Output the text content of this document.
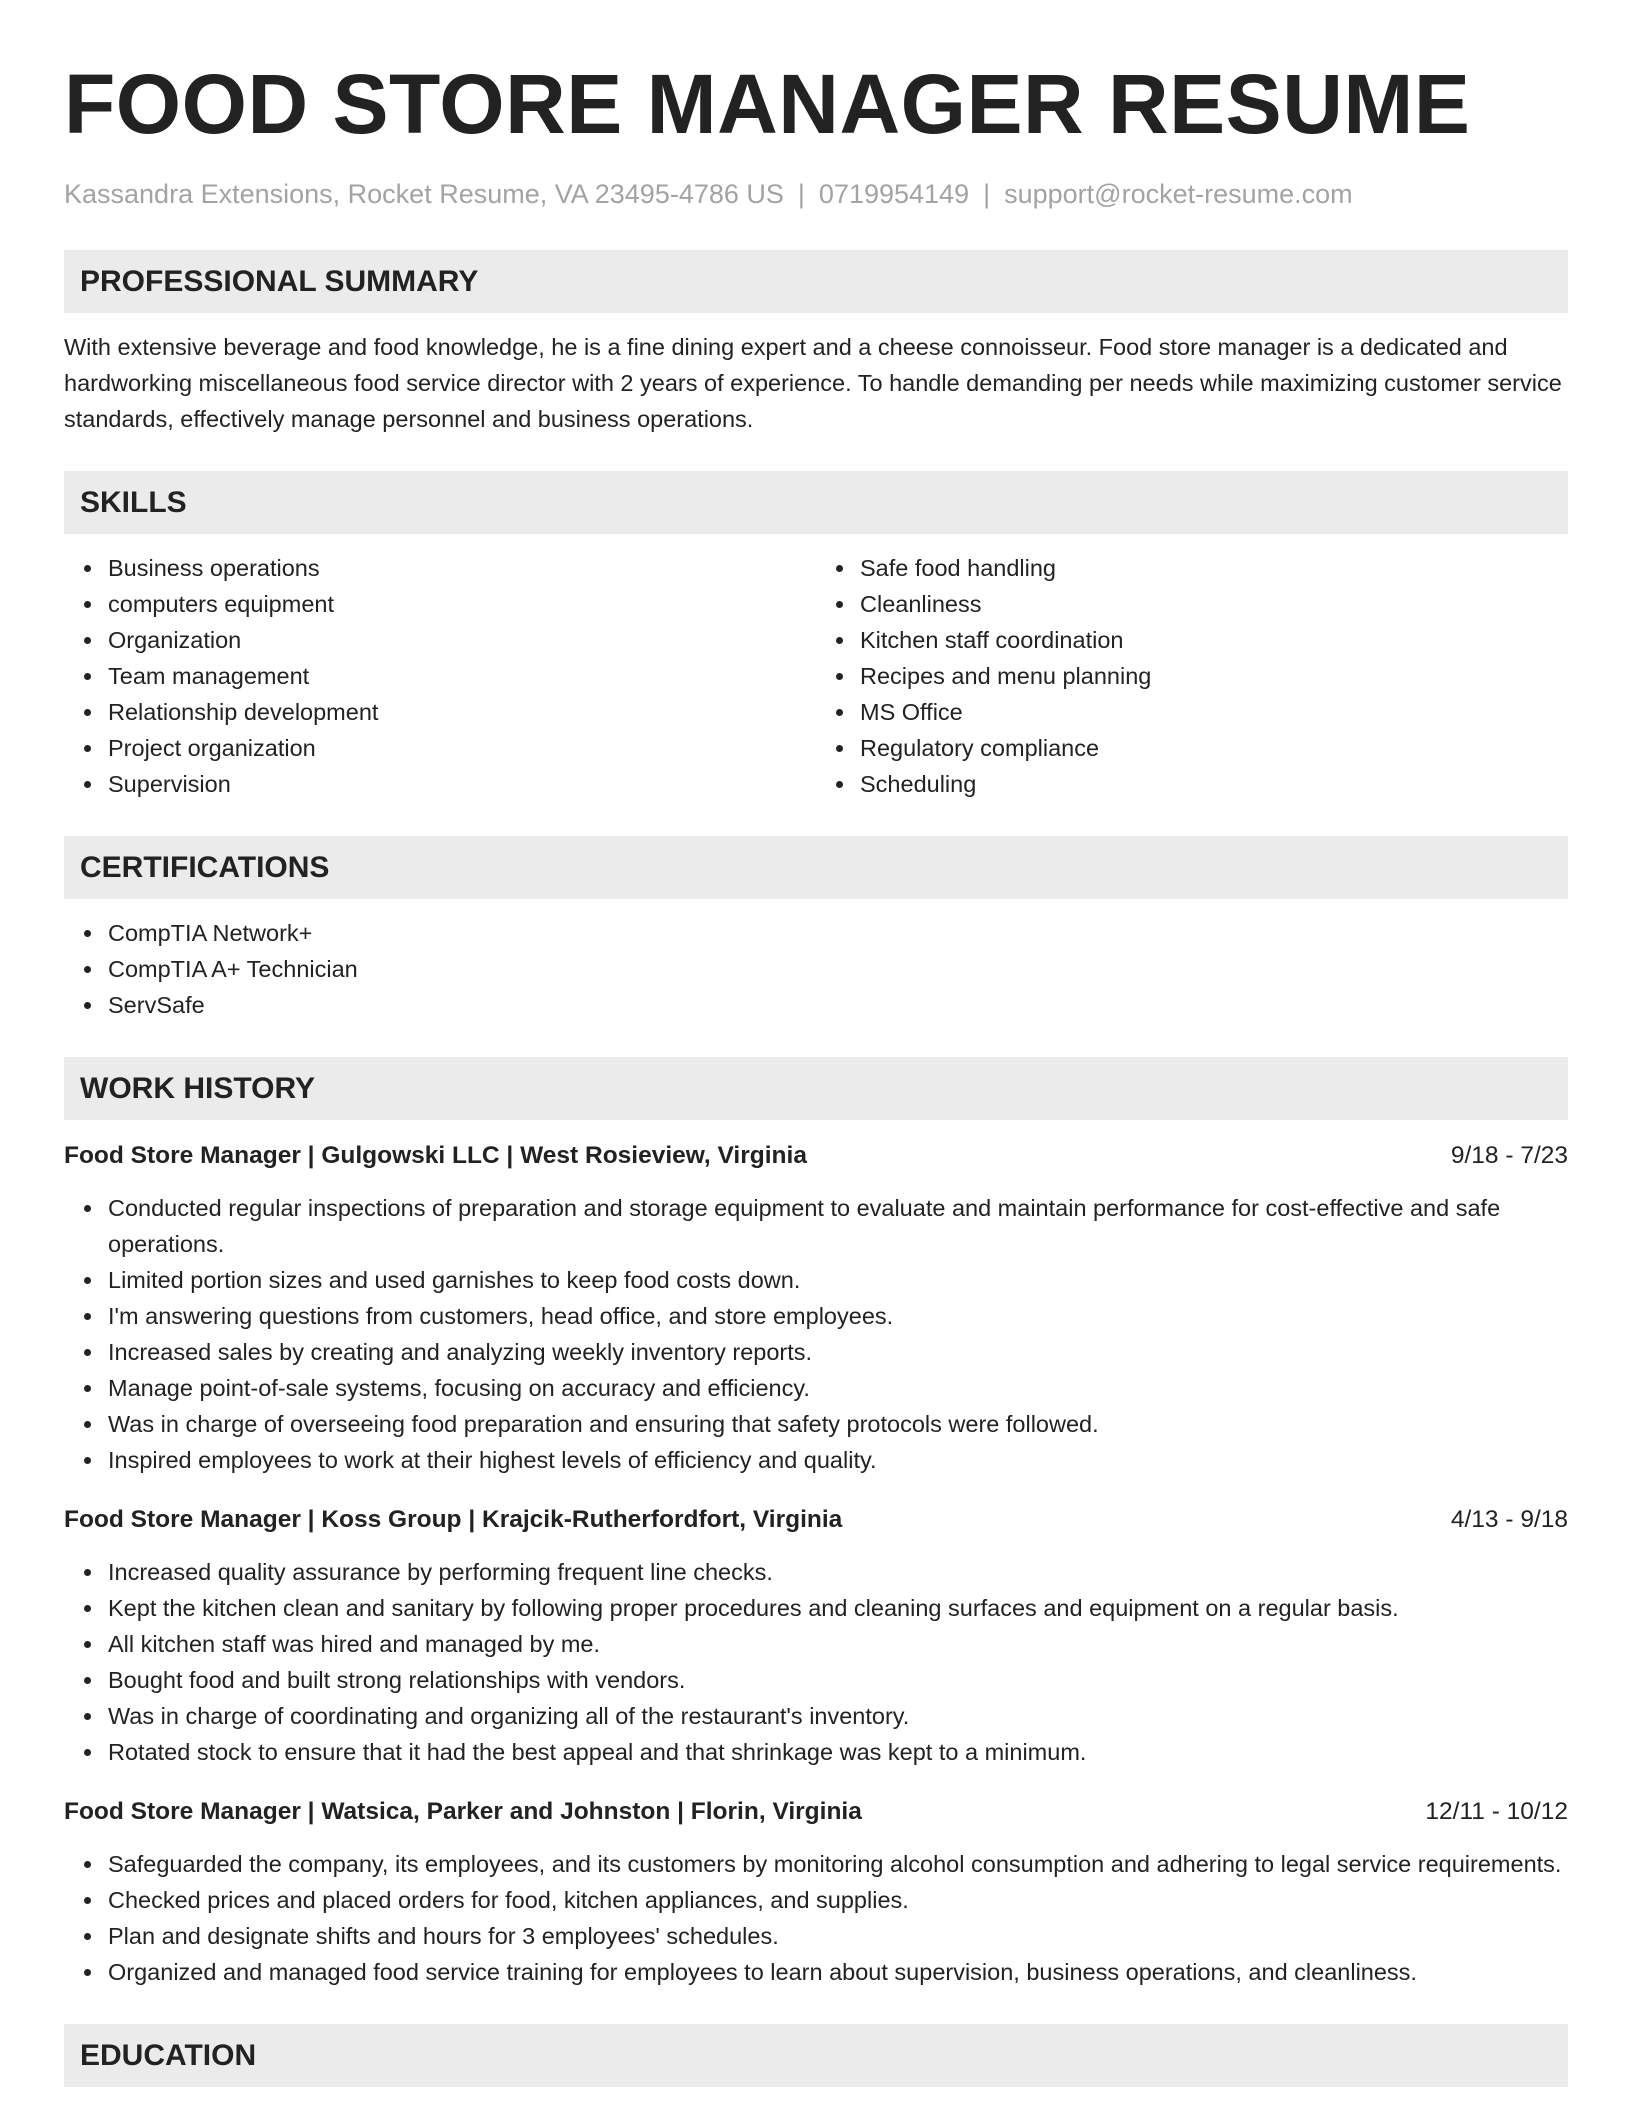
FOOD STORE MANAGER RESUME
Kassandra Extensions, Rocket Resume, VA 23495-4786 US | 0719954149 | support@rocket-resume.com
PROFESSIONAL SUMMARY
With extensive beverage and food knowledge, he is a fine dining expert and a cheese connoisseur. Food store manager is a dedicated and hardworking miscellaneous food service director with 2 years of experience. To handle demanding per needs while maximizing customer service standards, effectively manage personnel and business operations.
SKILLS
Business operations
computers equipment
Organization
Team management
Relationship development
Project organization
Supervision
Safe food handling
Cleanliness
Kitchen staff coordination
Recipes and menu planning
MS Office
Regulatory compliance
Scheduling
CERTIFICATIONS
CompTIA Network+
CompTIA A+ Technician
ServSafe
WORK HISTORY
Food Store Manager | Gulgowski LLC | West Rosieview, Virginia	9/18 - 7/23
Conducted regular inspections of preparation and storage equipment to evaluate and maintain performance for cost-effective and safe operations.
Limited portion sizes and used garnishes to keep food costs down.
I'm answering questions from customers, head office, and store employees.
Increased sales by creating and analyzing weekly inventory reports.
Manage point-of-sale systems, focusing on accuracy and efficiency.
Was in charge of overseeing food preparation and ensuring that safety protocols were followed.
Inspired employees to work at their highest levels of efficiency and quality.
Food Store Manager | Koss Group | Krajcik-Rutherfordfort, Virginia	4/13 - 9/18
Increased quality assurance by performing frequent line checks.
Kept the kitchen clean and sanitary by following proper procedures and cleaning surfaces and equipment on a regular basis.
All kitchen staff was hired and managed by me.
Bought food and built strong relationships with vendors.
Was in charge of coordinating and organizing all of the restaurant's inventory.
Rotated stock to ensure that it had the best appeal and that shrinkage was kept to a minimum.
Food Store Manager | Watsica, Parker and Johnston | Florin, Virginia	12/11 - 10/12
Safeguarded the company, its employees, and its customers by monitoring alcohol consumption and adhering to legal service requirements.
Checked prices and placed orders for food, kitchen appliances, and supplies.
Plan and designate shifts and hours for 3 employees' schedules.
Organized and managed food service training for employees to learn about supervision, business operations, and cleanliness.
EDUCATION
